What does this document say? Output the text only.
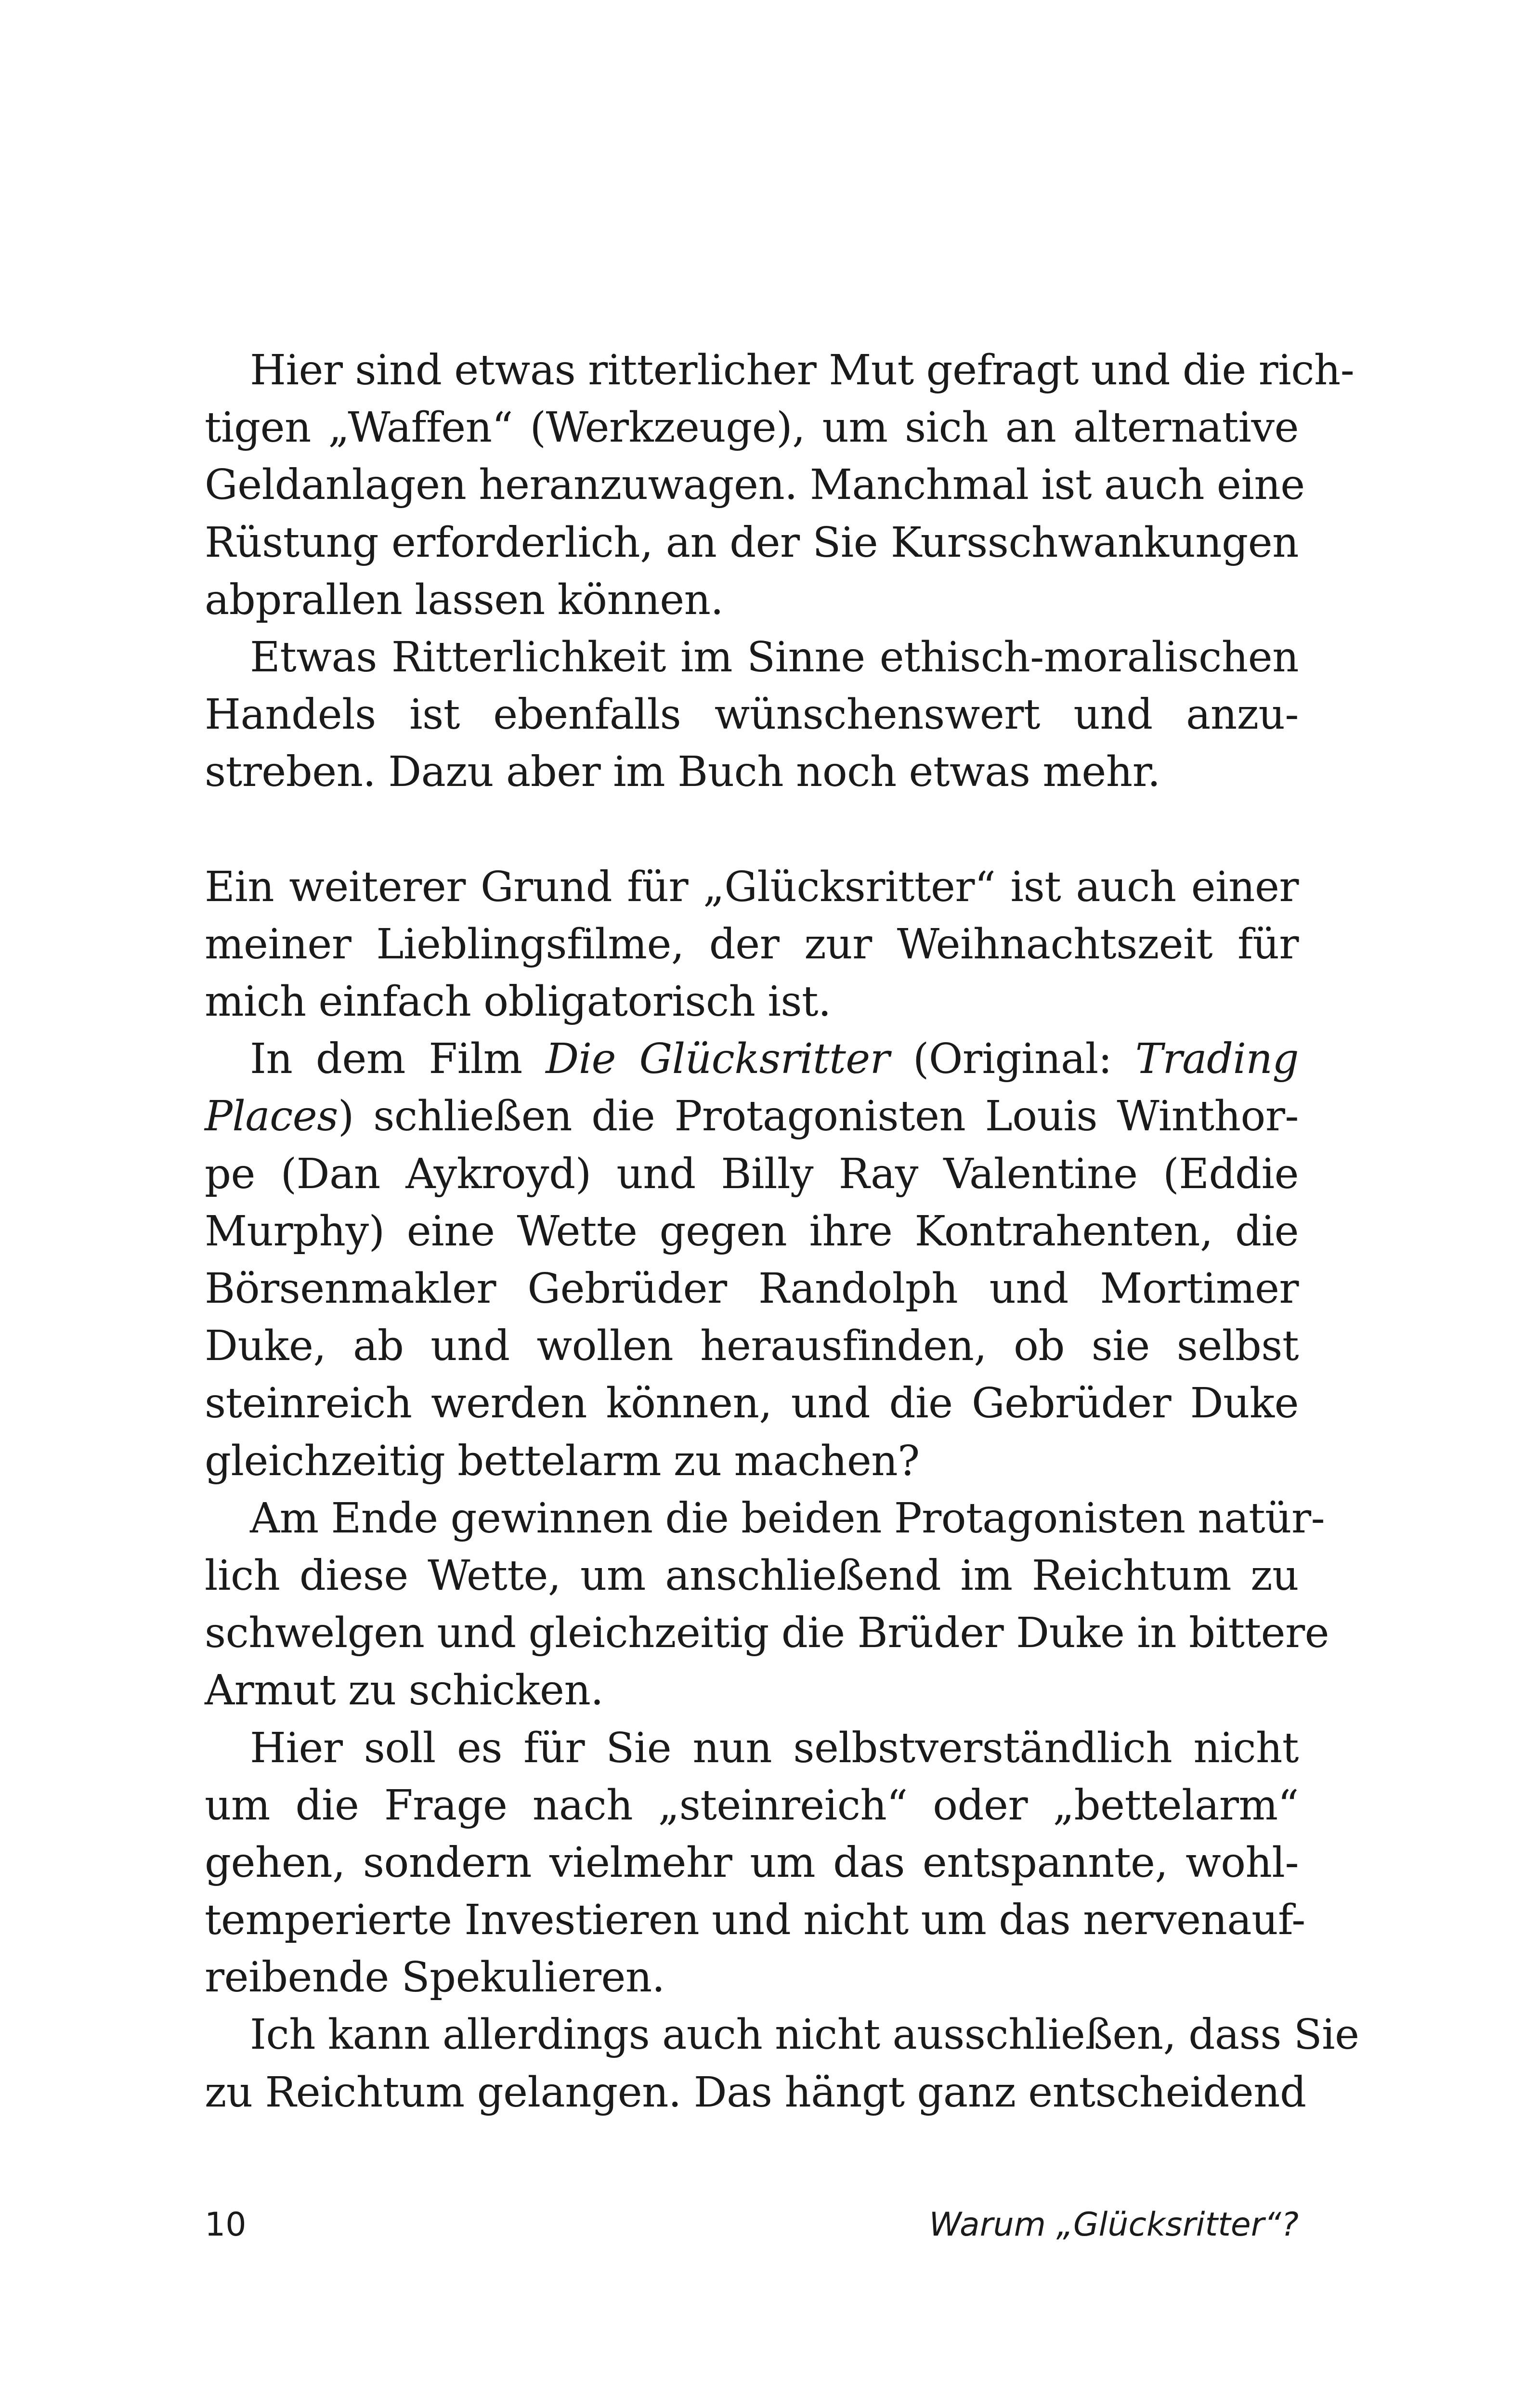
Hier sind etwas ritterlicher Mut gefragt und die rich-
tigen „Waffen“ (Werkzeuge), um sich an alternative
Geldanlagen heranzuwagen. Manchmal ist auch eine
Rüstung erforderlich, an der Sie Kursschwankungen
abprallen lassen können.
Etwas Ritterlichkeit im Sinne ethisch-moralischen
Handels ist ebenfalls wünschenswert und anzu-
streben. Dazu aber im Buch noch etwas mehr.
Ein weiterer Grund für „Glücksritter“ ist auch einer
meiner Lieblingsfilme, der zur Weihnachtszeit für
mich einfach obligatorisch ist.
In dem Film Die Glücksritter (Original: Trading
Places) schließen die Protagonisten Louis Winthor-
pe (Dan Aykroyd) und Billy Ray Valentine (Eddie
Murphy) eine Wette gegen ihre Kontrahenten, die
Börsenmakler Gebrüder Randolph und Mortimer
Duke, ab und wollen herausfinden, ob sie selbst
steinreich werden können, und die Gebrüder Duke
gleichzeitig bettelarm zu machen?
Am Ende gewinnen die beiden Protagonisten natür-
lich diese Wette, um anschließend im Reichtum zu
schwelgen und gleichzeitig die Brüder Duke in bittere
Armut zu schicken.
Hier soll es für Sie nun selbstverständlich nicht
um die Frage nach „steinreich“ oder „bettelarm“
gehen, sondern vielmehr um das entspannte, wohl-
temperierte Investieren und nicht um das nervenauf-
reibende Spekulieren.
Ich kann allerdings auch nicht ausschließen, dass Sie
zu Reichtum gelangen. Das hängt ganz entscheidend
10	Warum „Glücksritter“?
